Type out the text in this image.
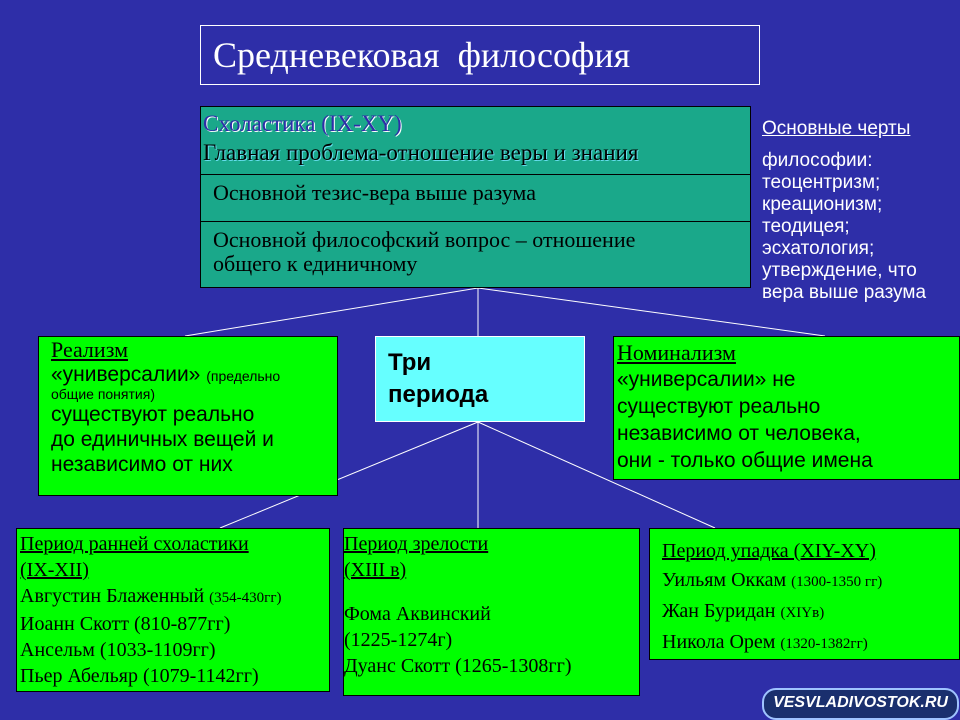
Средневековая  философия
Схоластика (IX-XY)
Главная проблема-отношение веры и знания
Основной тезис-вера выше разума
Основной философский вопрос – отношение
общего к единичному
Основные черты
философии:
теоцентризм;
креационизм;
теодицея;
эсхатология;
утверждение, что
вера выше разума
Реализм
«универсалии» (предельно
общие понятия)
существуют реально
до единичных вещей и
независимо от них
Три
периода
Номинализм
«универсалии» не
существуют реально
независимо от человека,
они - только общие имена
Период ранней схоластики
(IX-XII)
Августин Блаженный (354-430гг)
Иоанн Скотт (810-877гг)
Ансельм (1033-1109гг)
Пьер Абельяр (1079-1142гг)
Период зрелости
(XIII в)
Фома Аквинский
(1225-1274г)
Дуанс Скотт (1265-1308гг)
Период упадка (XIY-XY)
Уильям Оккам (1300-1350 гг)
Жан Буридан (XIYв)
Никола Орем (1320-1382гг)
VESVLADIVOSTOK.RU
